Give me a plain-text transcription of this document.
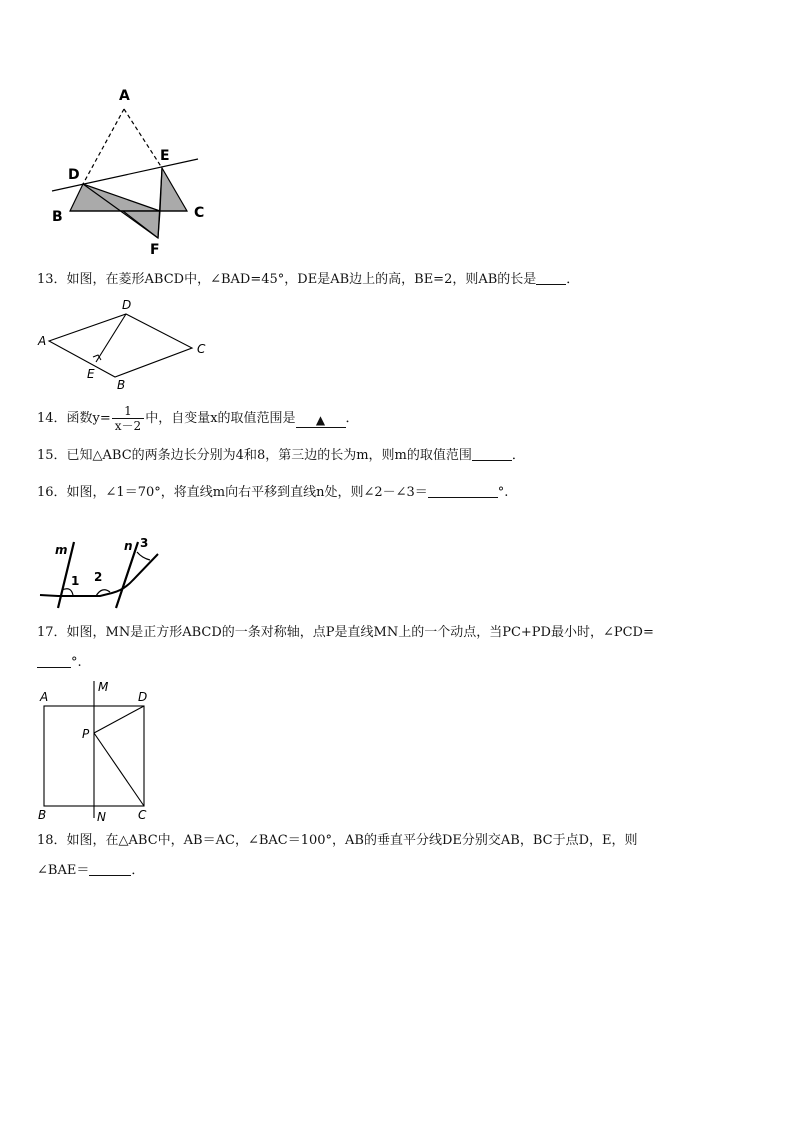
A
D
E
B	C
F
13．如图，在菱形ABCD中，∠BAD=45°，DE是AB边上的高，BE=2，则AB的长是 ．
A
D
C
E
B
14．函数$y= \frac{1}{x-2}$ 中，自变量x的取值范围是 ▲ ．
15．已知△ABC的两条边长分别为4和8，第三边的长为m，则m的取值范围	．
16．如图，∠1＝70°，将直线m向右平移到直线n处，则∠2－∠3＝	°.
m	n
1 2
3
17．如图，MN是正方形ABCD的一条对称轴，点P是直线MN上的一个动点，当PC+PD最小时，∠PCD=
°.
A
M
D
P
B	N	C
18．如图，在△ABC中，AB＝AC，∠BAC＝100°，AB的垂直平分线DE分别交AB，BC于点D，E，则
∠BAE＝	．
